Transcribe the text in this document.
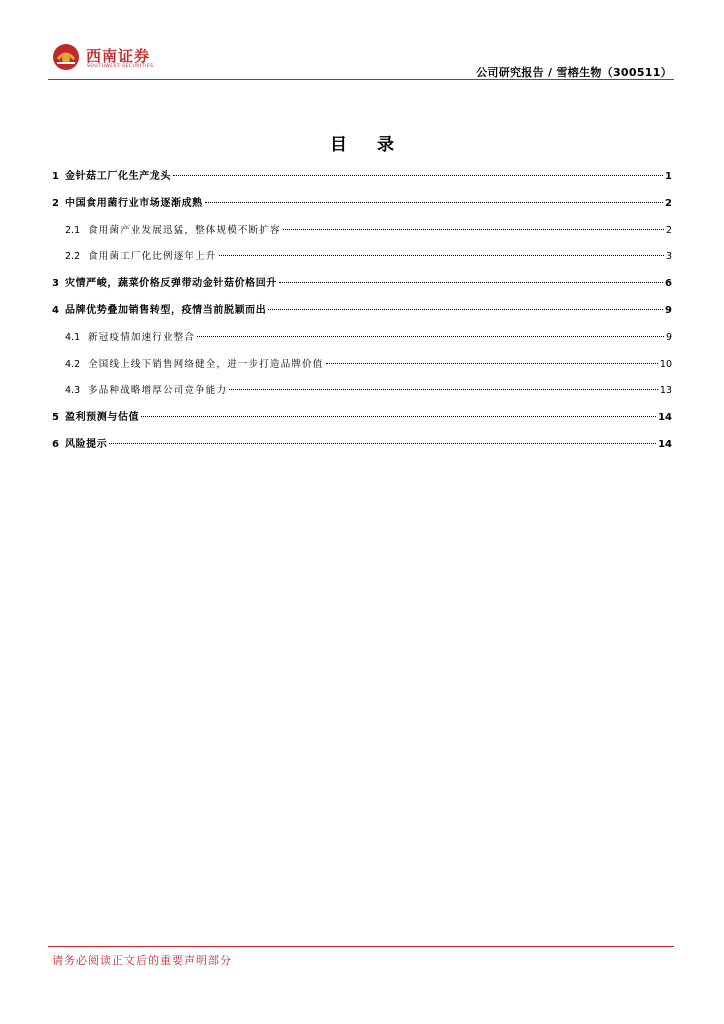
西南证券
SOUTHWEST SECURITIES	公司研究报告 / 雪榕生物（300511）
目 录
1 金针菇工厂化生产龙头	1
2 中国食用菌行业市场逐渐成熟	2
2.1 食用菌产业发展迅猛，整体规模不断扩容	2
2.2 食用菌工厂化比例逐年上升	3
3 灾情严峻，蔬菜价格反弹带动金针菇价格回升	6
4 品牌优势叠加销售转型，疫情当前脱颖而出	9
4.1 新冠疫情加速行业整合	9
4.2 全国线上线下销售网络健全，进一步打造品牌价值	10
4.3 多品种战略增厚公司竞争能力	13
5 盈利预测与估值	14
6 风险提示	14
请务必阅读正文后的重要声明部分
